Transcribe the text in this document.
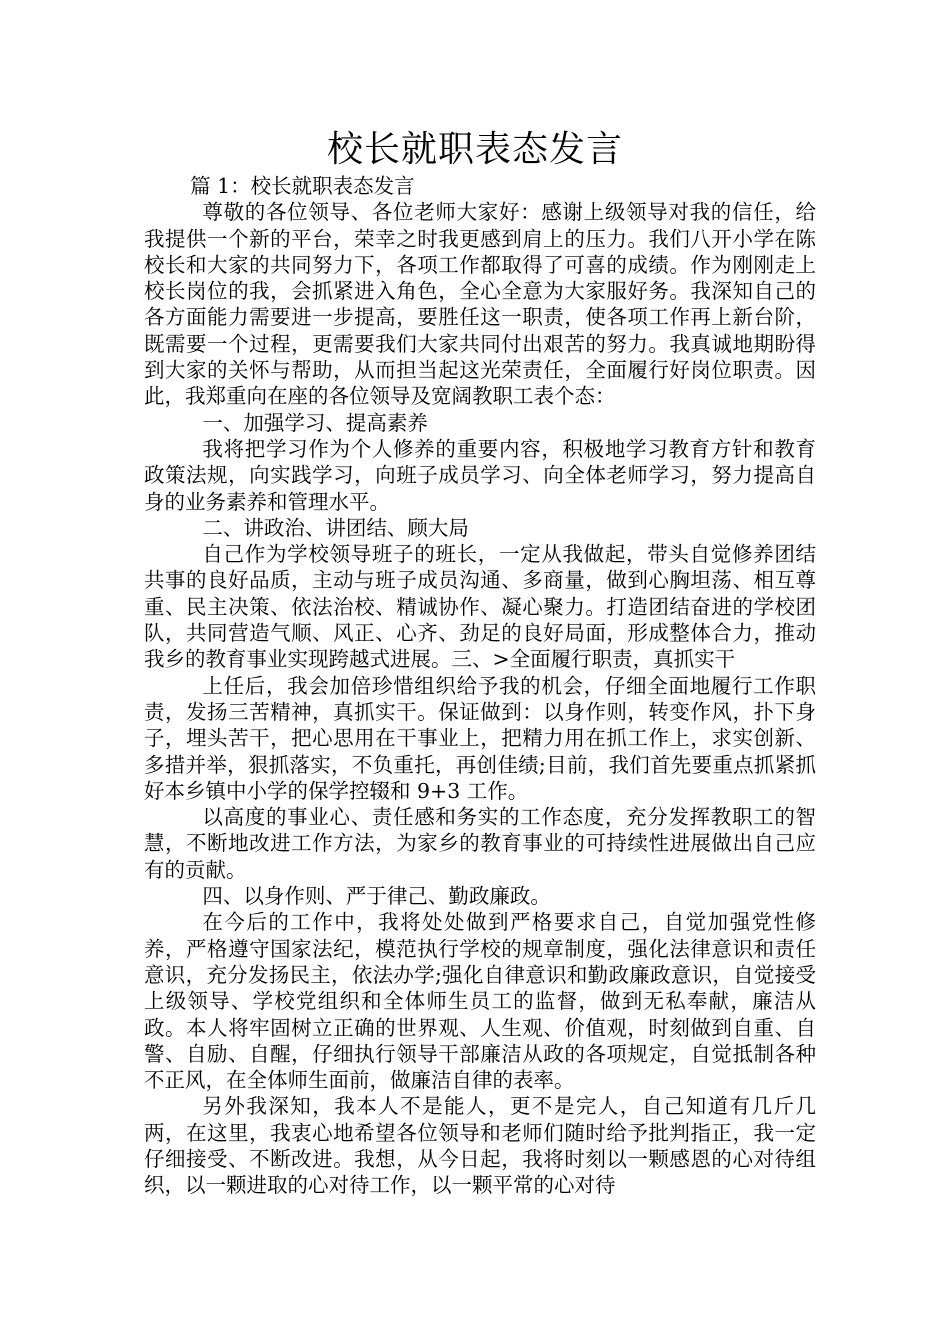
校长就职表态发言

篇 1：校长就职表态发言

尊敬的各位领导、各位老师大家好：感谢上级领导对我的信任，给我提供一个新的平台，荣幸之时我更感到肩上的压力。我们八开小学在陈校长和大家的共同努力下，各项工作都取得了可喜的成绩。作为刚刚走上校长岗位的我，会抓紧进入角色，全心全意为大家服好务。我深知自己的各方面能力需要进一步提高，要胜任这一职责，使各项工作再上新台阶，既需要一个过程，更需要我们大家共同付出艰苦的努力。我真诚地期盼得到大家的关怀与帮助，从而担当起这光荣责任，全面履行好岗位职责。因此，我郑重向在座的各位领导及宽阔教职工表个态：

一、加强学习、提高素养

我将把学习作为个人修养的重要内容，积极地学习教育方针和教育政策法规，向实践学习，向班子成员学习、向全体老师学习，努力提高自身的业务素养和管理水平。

二、讲政治、讲团结、顾大局

自己作为学校领导班子的班长，一定从我做起，带头自觉修养团结共事的良好品质，主动与班子成员沟通、多商量，做到心胸坦荡、相互尊重、民主决策、依法治校、精诚协作、凝心聚力。打造团结奋进的学校团队，共同营造气顺、风正、心齐、劲足的良好局面，形成整体合力，推动我乡的教育事业实现跨越式进展。三、>全面履行职责，真抓实干

上任后，我会加倍珍惜组织给予我的机会，仔细全面地履行工作职责，发扬三苦精神，真抓实干。保证做到：以身作则，转变作风，扑下身子，埋头苦干，把心思用在干事业上，把精力用在抓工作上，求实创新、多措并举，狠抓落实，不负重托，再创佳绩;目前，我们首先要重点抓紧抓好本乡镇中小学的保学控辍和 9+3 工作。

以高度的事业心、责任感和务实的工作态度，充分发挥教职工的智慧，不断地改进工作方法，为家乡的教育事业的可持续性进展做出自己应有的贡献。

四、以身作则、严于律己、勤政廉政。

在今后的工作中，我将处处做到严格要求自己，自觉加强党性修养，严格遵守国家法纪，模范执行学校的规章制度，强化法律意识和责任意识，充分发扬民主，依法办学;强化自律意识和勤政廉政意识，自觉接受上级领导、学校党组织和全体师生员工的监督，做到无私奉献，廉洁从政。本人将牢固树立正确的世界观、人生观、价值观，时刻做到自重、自警、自励、自醒，仔细执行领导干部廉洁从政的各项规定，自觉抵制各种不正风，在全体师生面前，做廉洁自律的表率。

另外我深知，我本人不是能人，更不是完人，自己知道有几斤几两，在这里，我衷心地希望各位领导和老师们随时给予批判指正，我一定仔细接受、不断改进。我想，从今日起，我将时刻以一颗感恩的心对待组织，以一颗进取的心对待工作，以一颗平常的心对待
